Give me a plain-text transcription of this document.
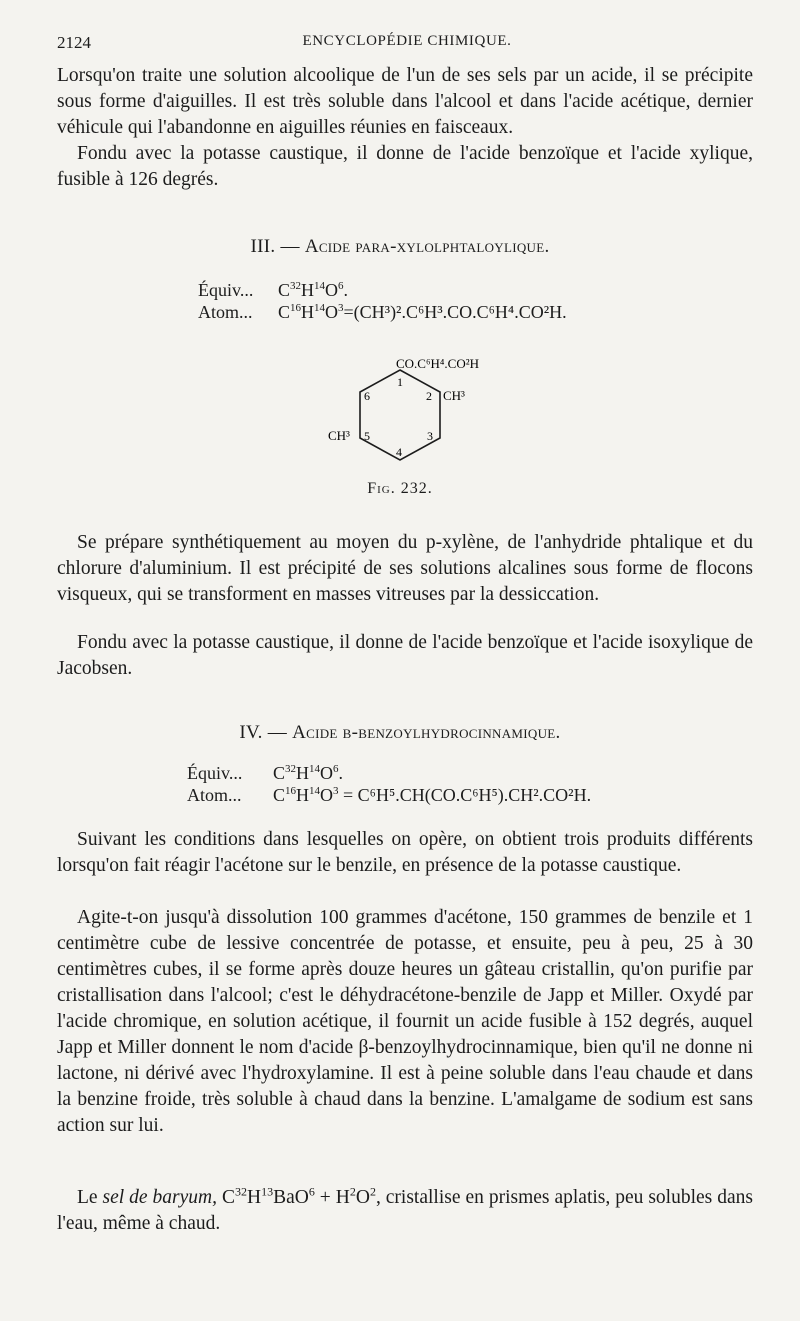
2124	ENCYCLOPÉDIE CHIMIQUE.

Lorsqu'on traite une solution alcoolique de l'un de ses sels par un acide, il se précipite sous forme d'aiguilles. Il est très soluble dans l'alcool et dans l'acide acétique, dernier véhicule qui l'abandonne en aiguilles réunies en faisceaux.

Fondu avec la potasse caustique, il donne de l'acide benzoïque et l'acide xylique, fusible à 126 degrés.

III. — Acide para-xylolphtaloylique.
Équiv... $C^{32}H^{14}O^6$.
Atom... $C^{16}H^{14}O^3=(CH^3)^2.C^6H^3.CO.C^6H^4.CO^2H$.
CO.C⁶H⁴.CO²H
CH³
CH³
1
2
3
4
5
6
Fig. 232.

Se prépare synthétiquement au moyen du p-xylène, de l'anhydride phtalique et du chlorure d'aluminium. Il est précipité de ses solutions alcalines sous forme de flocons visqueux, qui se transforment en masses vitreuses par la dessiccation.

Fondu avec la potasse caustique, il donne de l'acide benzoïque et l'acide isoxylique de Jacobsen.

IV. — Acide b-benzoylhydrocinnamique.
Équiv... $C^{32}H^{14}O^6$.
Atom... $C^{16}H^{14}O^3 = C^6H^5.CH(CO.C^6H^5).CH^2.CO^2H$.

Suivant les conditions dans lesquelles on opère, on obtient trois produits différents lorsqu'on fait réagir l'acétone sur le benzile, en présence de la potasse caustique.

Agite-t-on jusqu'à dissolution 100 grammes d'acétone, 150 grammes de benzile et 1 centimètre cube de lessive concentrée de potasse, et ensuite, peu à peu, 25 à 30 centimètres cubes, il se forme après douze heures un gâteau cristallin, qu'on purifie par cristallisation dans l'alcool; c'est le déhydracétone-benzile de Japp et Miller. Oxydé par l'acide chromique, en solution acétique, il fournit un acide fusible à 152 degrés, auquel Japp et Miller donnent le nom d'acide β-benzoylhydrocinnamique, bien qu'il ne donne ni lactone, ni dérivé avec l'hydroxylamine. Il est à peine soluble dans l'eau chaude et dans la benzine froide, très soluble à chaud dans la benzine. L'amalgame de sodium est sans action sur lui.

Le sel de baryum, $C^{32}H^{13}BaO^6 + H^2O^2$, cristallise en prismes aplatis, peu solubles dans l'eau, même à chaud.
